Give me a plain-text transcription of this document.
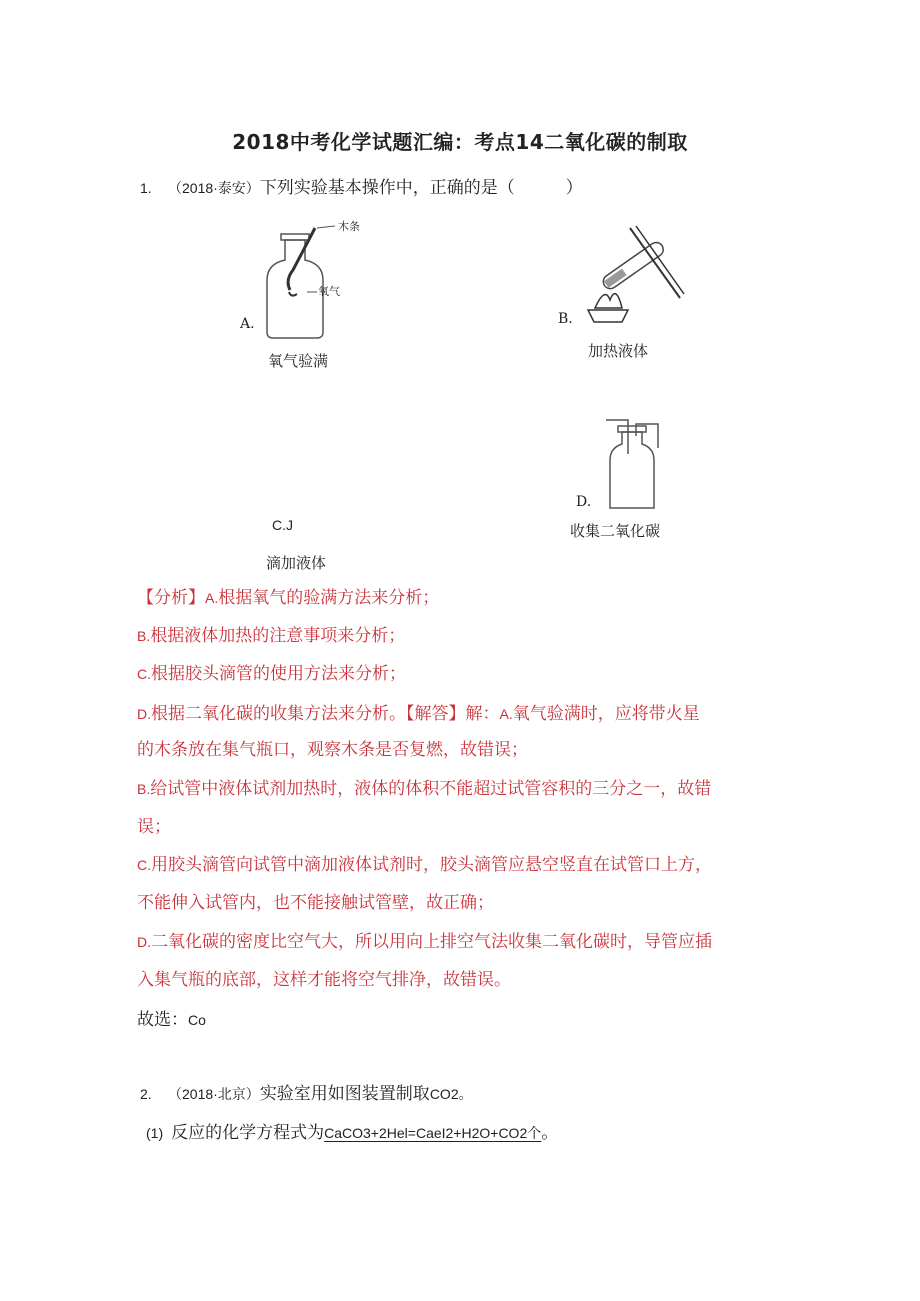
2018中考化学试题汇编：考点14二氧化碳的制取
1. （2018·泰安）下列实验基本操作中，正确的是（　　　）
木条
氧气
A.
氧气验满
B.
加热液体
D.
收集二氧化碳
C.J
滴加液体
【分析】A.根据氧气的验满方法来分析；
B.根据液体加热的注意事项来分析；
C.根据胶头滴管的使用方法来分析；
D.根据二氧化碳的收集方法来分析。【解答】解：A.氧气验满时，应将带火星
的木条放在集气瓶口，观察木条是否复燃，故错误；
B.给试管中液体试剂加热时，液体的体积不能超过试管容积的三分之一，故错
误；
C.用胶头滴管向试管中滴加液体试剂时，胶头滴管应悬空竖直在试管口上方，
不能伸入试管内，也不能接触试管壁，故正确；
D.二氧化碳的密度比空气大，所以用向上排空气法收集二氧化碳时，导管应插
入集气瓶的底部，这样才能将空气排净，故错误。
故选：Co
2. （2018·北京）实验室用如图装置制取CO2。
(1) 反应的化学方程式为CaCO3+2Hel=CaeI2+H2O+CO2个。
